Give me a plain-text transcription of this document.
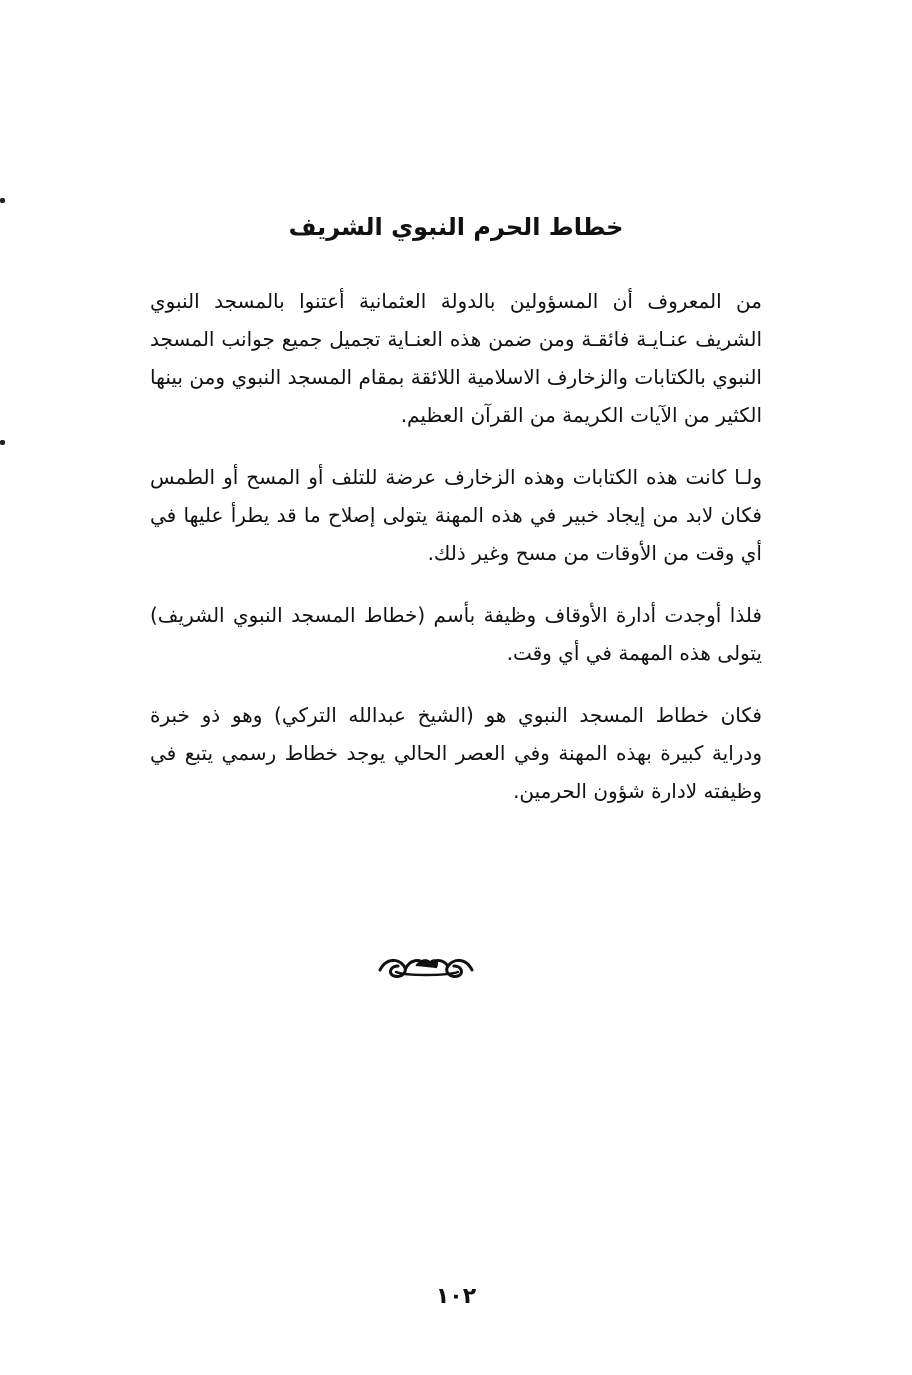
خطاط الحرم النبوي الشريف

من المعروف أن المسؤولين بالدولة العثمانية أعتنوا بالمسجد النبوي الشريف عنـايـة فائقـة ومن ضمن هذه العنـاية تجميل جميع جوانب المسجد النبوي بالكتابات والزخارف الاسلامية اللائقة بمقام المسجد النبوي ومن بينها الكثير من الآيات الكريمة من القرآن العظيم.

ولـا كانت هذه الكتابات وهذه الزخارف عرضة للتلف أو المسح أو الطمس فكان لابد من إيجاد خبير في هذه المهنة يتولى إصلاح ما قد يطرأ عليها في أي وقت من الأوقات من مسح وغير ذلك.

فلذا أوجدت أدارة الأوقاف وظيفة بأسم (خطاط المسجد النبوي الشريف) يتولى هذه المهمة في أي وقت.

فكان خطاط المسجد النبوي هو (الشيخ عبدالله التركي) وهو ذو خبرة ودراية كبيرة بهذه المهنة وفي العصر الحالي يوجد خطاط رسمي يتبع في وظيفته لادارة شؤون الحرمين.

١٠٢
